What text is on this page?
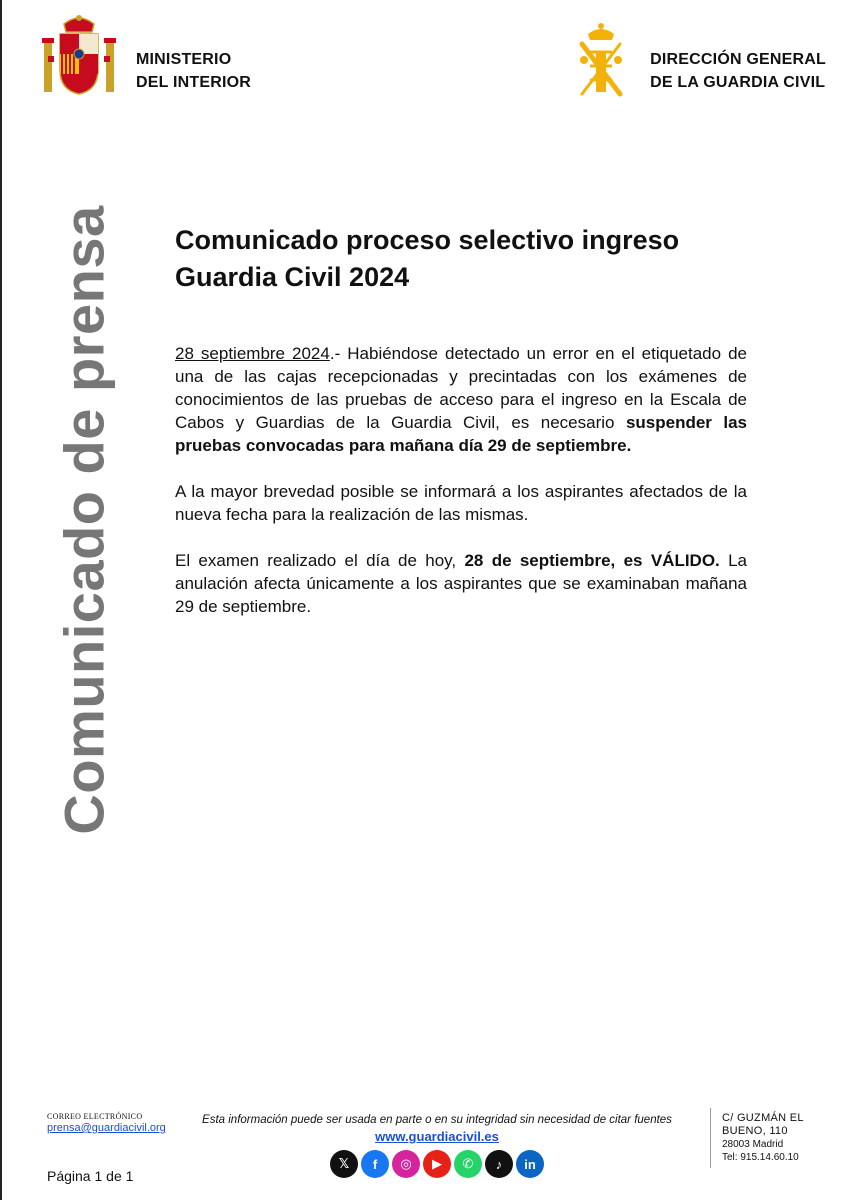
MINISTERIO
DEL INTERIOR
DIRECCIÓN GENERAL
DE LA GUARDIA CIVIL
Comunicado de prensa Comunicado proceso selectivo ingreso Guardia Civil 2024

28 septiembre 2024.- Habiéndose detectado un error en el etiquetado de una de las cajas recepcionadas y precintadas con los exámenes de conocimientos de las pruebas de acceso para el ingreso en la Escala de Cabos y Guardias de la Guardia Civil, es necesario suspender las pruebas convocadas para mañana día 29 de septiembre.

A la mayor brevedad posible se informará a los aspirantes afectados de la nueva fecha para la realización de las mismas.

El examen realizado el día de hoy, 28 de septiembre, es VÁLIDO. La anulación afecta únicamente a los aspirantes que se examinaban mañana 29 de septiembre.

CORREO ELECTRÓNICO
prensa@guardiacivil.org
Página 1 de 1
Esta información puede ser usada en parte o en su integridad sin necesidad de citar fuentes
www.guardiacivil.es
𝕏	f	◎	▶	✆	♪	in
C/ GUZMÁN EL
BUENO, 110
28003 Madrid
Tel: 915.14.60.10
